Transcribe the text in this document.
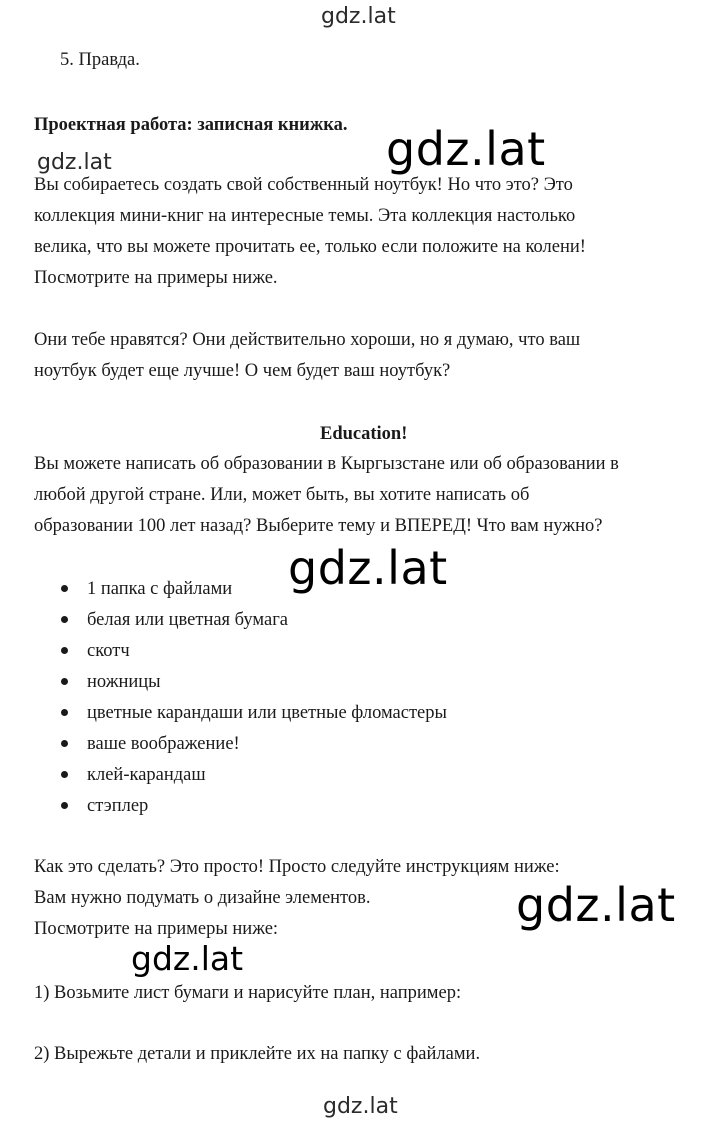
gdz.lat
gdz.lat	gdz.lat
gdz.lat
gdz.lat
gdz.lat
gdz.lat
5. Правда.
Проектная работа: записная книжка.
Вы собираетесь создать свой собственный ноутбук! Но что это? Это
коллекция мини-книг на интересные темы. Эта коллекция настолько
велика, что вы можете прочитать ее, только если положите на колени!
Посмотрите на примеры ниже.
Они тебе нравятся? Они действительно хороши, но я думаю, что ваш
ноутбук будет еще лучше! О чем будет ваш ноутбук?
Education!
Вы можете написать об образовании в Кыргызстане или об образовании в
любой другой стране. Или, может быть, вы хотите написать об
образовании 100 лет назад? Выберите тему и ВПЕРЕД! Что вам нужно?
1 папка с файлами
белая или цветная бумага
скотч
ножницы
цветные карандаши или цветные фломастеры
ваше воображение!
клей-карандаш
стэплер
Как это сделать? Это просто! Просто следуйте инструкциям ниже:
Вам нужно подумать о дизайне элементов.
Посмотрите на примеры ниже:
1) Возьмите лист бумаги и нарисуйте план, например:
2) Вырежьте детали и приклейте их на папку с файлами.
